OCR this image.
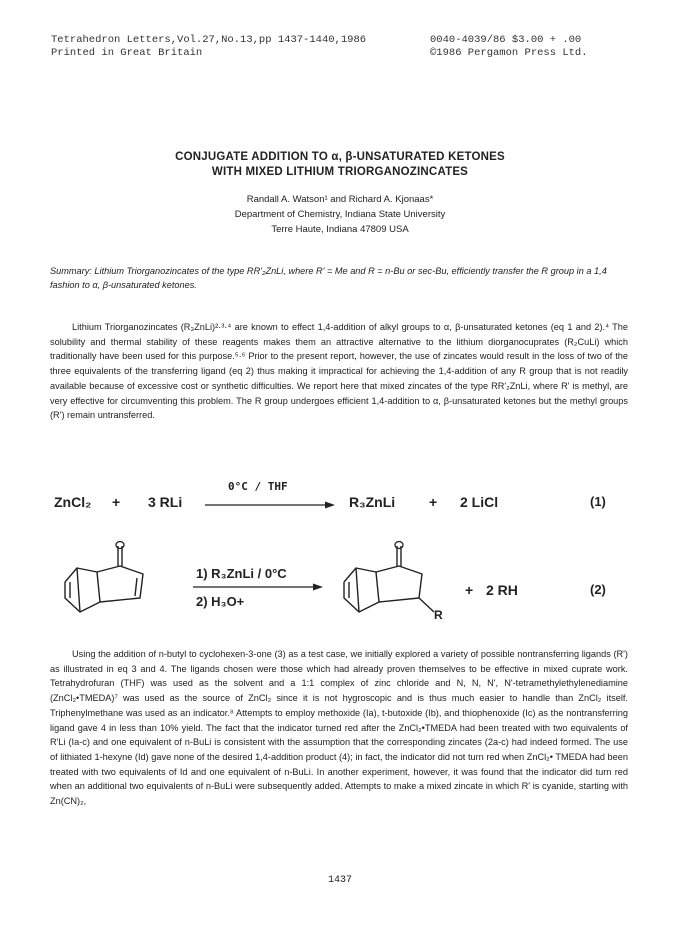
Tetrahedron Letters,Vol.27,No.13,pp 1437-1440,1986
Printed in Great Britain
0040-4039/86 $3.00 + .00
©1986 Pergamon Press Ltd.
CONJUGATE ADDITION TO α, β-UNSATURATED KETONES
WITH MIXED LITHIUM TRIORGANOZINCATES
Randall A. Watson¹ and Richard A. Kjonaas*
Department of Chemistry, Indiana State University
Terre Haute, Indiana 47809 USA
Summary: Lithium Triorganozincates of the type RR'₂ZnLi, where R' = Me and R = n-Bu or sec-Bu, efficiently transfer the R group in a 1,4 fashion to α, β-unsaturated ketones.

Lithium Triorganozincates (R₃ZnLi)²·³·⁴ are known to effect 1,4-addition of alkyl groups to α, β-unsaturated ketones (eq 1 and 2).⁴ The solubility and thermal stability of these reagents makes them an attractive alternative to the lithium diorganocuprates (R₂CuLi) which traditionally have been used for this purpose.⁵·⁶ Prior to the present report, however, the use of zincates would result in the loss of two of the three equivalents of the transferring ligand (eq 2) thus making it impractical for achieving the 1,4-addition of any R group that is not readily available because of excessive cost or synthetic difficulties. We report here that mixed zincates of the type RR'₂ZnLi, where R' is methyl, are very effective for circumventing this problem. The R group undergoes efficient 1,4-addition to α, β-unsaturated ketones but the methyl groups (R') remain untransferred.

ZnCl₂ + 3 RLi
0°C / THF
R₃ZnLi + 2 LiCl	(1)
1) R₃ZnLi / 0°C
2) H₃O+
R
+ 2 RH	(2)

Using the addition of n-butyl to cyclohexen-3-one (3) as a test case, we initially explored a variety of possible nontransferring ligands (R') as illustrated in eq 3 and 4. The ligands chosen were those which had already proven themselves to be effective in mixed cuprate work. Tetrahydrofuran (THF) was used as the solvent and a 1:1 complex of zinc chloride and N, N, N', N'-tetramethylethylenediamine (ZnCl₂•TMEDA)⁷ was used as the source of ZnCl₂ since it is not hygroscopic and is thus much easier to handle than ZnCl₂ itself. Triphenylmethane was used as an indicator.⁸ Attempts to employ methoxide (Ia), t-butoxide (Ib), and thiophenoxide (Ic) as the nontransferring ligand gave 4 in less than 10% yield. The fact that the indicator turned red after the ZnCl₂•TMEDA had been treated with two equivalents of R'Li (Ia-c) and one equivalent of n-BuLi is consistent with the assumption that the corresponding zincates (2a-c) had indeed formed. The use of lithiated 1-hexyne (Id) gave none of the desired 1,4-addition product (4); in fact, the indicator did not turn red when ZnCl₂• TMEDA had been treated with two equivalents of Id and one equivalent of n-BuLi. In another experiment, however, it was found that the indicator did turn red when an additional two equivalents of n-BuLi were subsequently added. Attempts to make a mixed zincate in which R' is cyanide, starting with Zn(CN)₂,

1437
